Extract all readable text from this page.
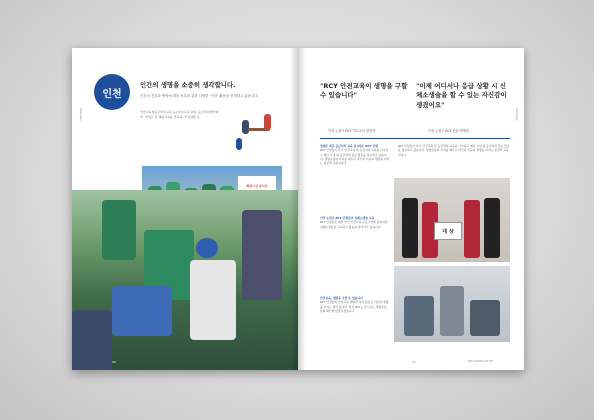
Humanity
인천
인간의 생명을 소중히 생각합니다.
인간의 건강과 생명에 대한 보호를 위한 다양한 '인간' 활동을 전개하고 있습니다.
인천교육청응급처치교육 등) 천실교육 판명, 응급처치법안의 부, 적세고 및 체험교육을 안교육, 안전생활 등
희망드림 봉사단
20
Humanity
"RCY 안전교육이 생명을 구할 수 있습니다"
"이제 어디서나 응급 상황 시 신체소생술을 할 수 있는 자신감이 생겼어요"
인천 논현고 RCY 지도교사 정창혁	인천 논현고 RCY 단원 양병란
생애주 최초 응급처치 교육 실시하는 RCY 단원
RCY 단원들이 학교 안전교육 및 응급처치 교육을 이수하고 매년 교내 외 응급처치 홍보 활동을 실시하고 있습니다. 생명존중의 가치를 배우고 자신과 이웃의 생명을 지키는 실천적 교육입니다.
인천 논현고 RCY 단원들의 심폐소생술 교육
RCY 단원들은 매년 인천 안전교육 프로그램에 참여하여 심폐소생술을 교육하고 활동을 이어가고 있습니다.
안전교육, 생명을 구할 수 있습니다
RCY 단원들의 안전교육 체험과 봉사 활동은 이웃의 생명을 지키는 힘이 됩니다. 인천 RCY는 앞으로도 생명존중 문화 확산에 앞장서겠습니다.
RCY 단원들이 학교 안전교육 및 응급처치 교육을 이수하고 매년 교내 외 응급처치 홍보 활동을 실시하고 있습니다. 생명존중의 가치를 배우고 자신과 이웃의 생명을 지키는 실천적 교육입니다.
대 상
21	RED CROSS YOUTH
